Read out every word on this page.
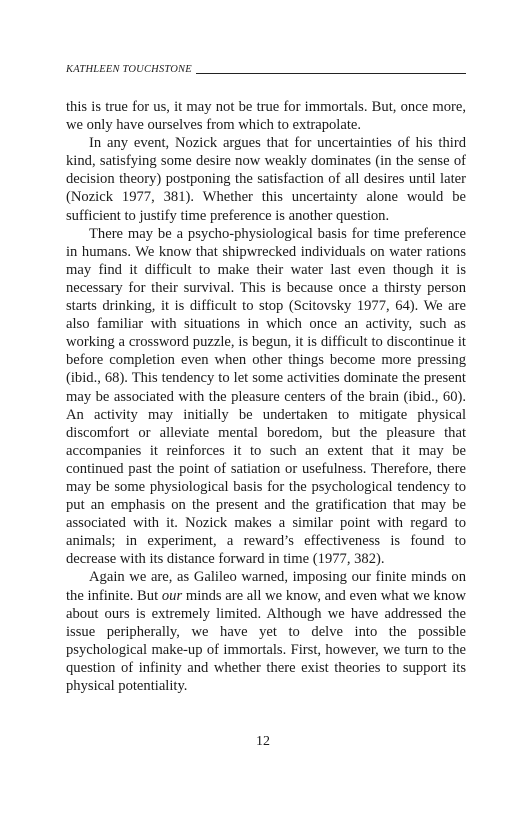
KATHLEEN TOUCHSTONE

this is true for us, it may not be true for immortals. But, once more, we only have ourselves from which to extrapolate.

In any event, Nozick argues that for uncertainties of his third kind, satisfying some desire now weakly dominates (in the sense of decision theory) postponing the satisfaction of all desires until later (Nozick 1977, 381). Whether this uncertainty alone would be sufficient to justify time preference is another question.

There may be a psycho-physiological basis for time preference in humans. We know that shipwrecked individuals on water rations may find it difficult to make their water last even though it is necessary for their survival. This is because once a thirsty person starts drinking, it is difficult to stop (Scitovsky 1977, 64). We are also familiar with situations in which once an activity, such as working a crossword puzzle, is begun, it is difficult to discontinue it before completion even when other things become more pressing (ibid., 68). This tendency to let some activities dominate the present may be associated with the pleasure centers of the brain (ibid., 60). An activity may initially be undertaken to mitigate physical discomfort or alleviate mental boredom, but the pleasure that accompanies it reinforces it to such an extent that it may be continued past the point of satiation or usefulness. Therefore, there may be some physiological basis for the psychological tendency to put an emphasis on the present and the gratification that may be associated with it. Nozick makes a similar point with regard to animals; in experiment, a reward’s effectiveness is found to decrease with its distance forward in time (1977, 382).

Again we are, as Galileo warned, imposing our finite minds on the infinite. But our minds are all we know, and even what we know about ours is extremely limited. Although we have addressed the issue peripherally, we have yet to delve into the possible psychological make-up of immortals. First, however, we turn to the question of infinity and whether there exist theories to support its physical potentiality.

12
